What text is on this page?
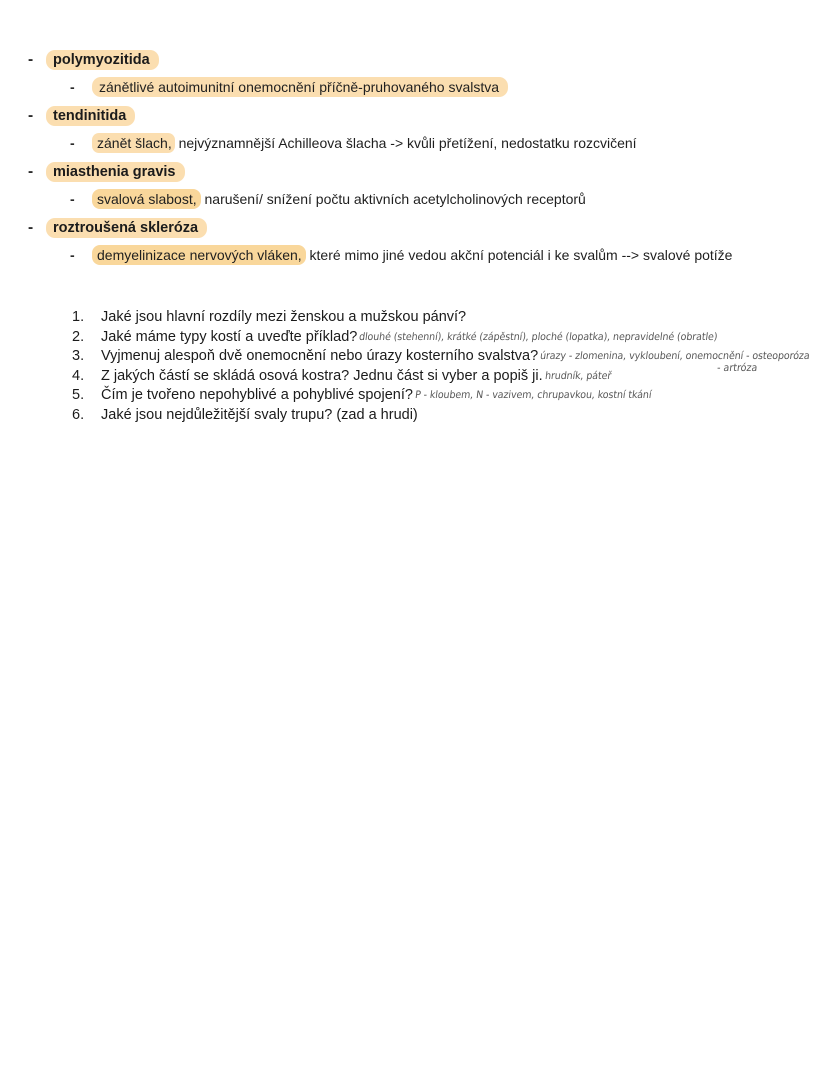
-	polymyozitida
-	zánětlivé autoimunitní onemocnění příčně-pruhovaného svalstva
-	tendinitida
-	zánět šlach, nejvýznamnější Achilleova šlacha -> kvůli přetížení, nedostatku rozcvičení
-	miasthenia gravis
-	svalová slabost, narušení/ snížení počtu aktivních acetylcholinových receptorů
-	roztroušená skleróza
-	demyelinizace nervových vláken, které mimo jiné vedou akční potenciál i ke svalům --> svalové potíže
1.	Jaké jsou hlavní rozdíly mezi ženskou a mužskou pánví?
2.	Jaké máme typy kostí a uveďte příklad? dlouhé (stehenní), krátké (zápěstní), ploché (lopatka), nepravidelné (obratle)
3.	Vyjmenuj alespoň dvě onemocnění nebo úrazy kosterního svalstva? úrazy - zlomenina, vykloubení, onemocnění - osteoporóza
- artróza
4.	Z jakých částí se skládá osová kostra? Jednu část si vyber a popiš ji. hrudník, páteř
5.	Čím je tvořeno nepohyblivé a pohyblivé spojení? P - kloubem, N - vazivem, chrupavkou, kostní tkání
6.	Jaké jsou nejdůležitější svaly trupu? (zad a hrudi)
